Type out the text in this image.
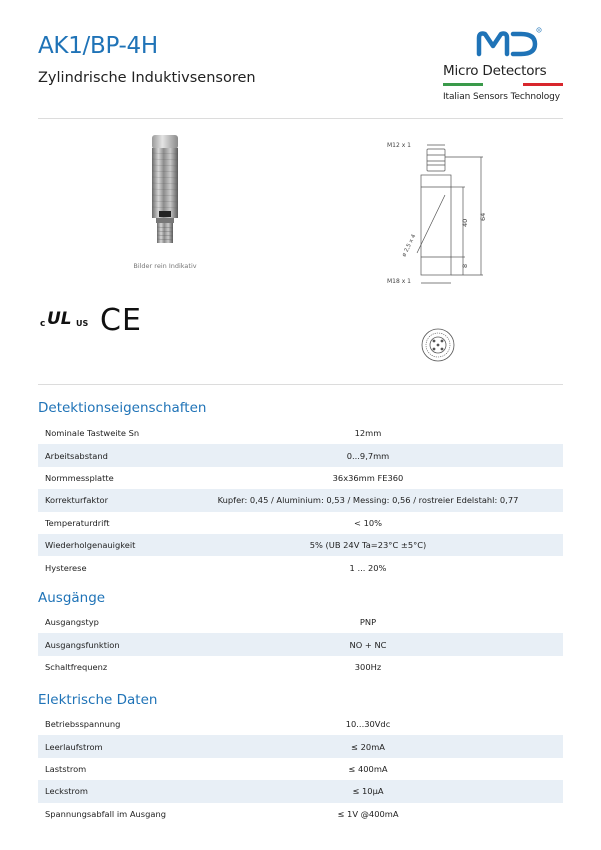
AK1/BP-4H
Zylindrische Induktivsensoren
R
Micro Detectors
Italian Sensors Technology
Bilder rein Indikativ
M12 x 1
M18 x 1
40
64
8
ø 2,5 x 4
c UL US CE
Detektionseigenschaften
Nominale Tastweite Sn	12mm
Arbeitsabstand	0...9,7mm
Normmessplatte	36x36mm FE360
Korrekturfaktor	Kupfer: 0,45 / Aluminium: 0,53 / Messing: 0,56 / rostreier Edelstahl: 0,77
Temperaturdrift	< 10%
Wiederholgenauigkeit	5% (UB 24V Ta=23°C ±5°C)
Hysterese	1 ... 20%
Ausgänge
Ausgangstyp	PNP
Ausgangsfunktion	NO + NC
Schaltfrequenz	300Hz
Elektrische Daten
Betriebsspannung	10...30Vdc
Leerlaufstrom	≤ 20mA
Laststrom	≤ 400mA
Leckstrom	≤ 10μA
Spannungsabfall im Ausgang	≤ 1V @400mA
